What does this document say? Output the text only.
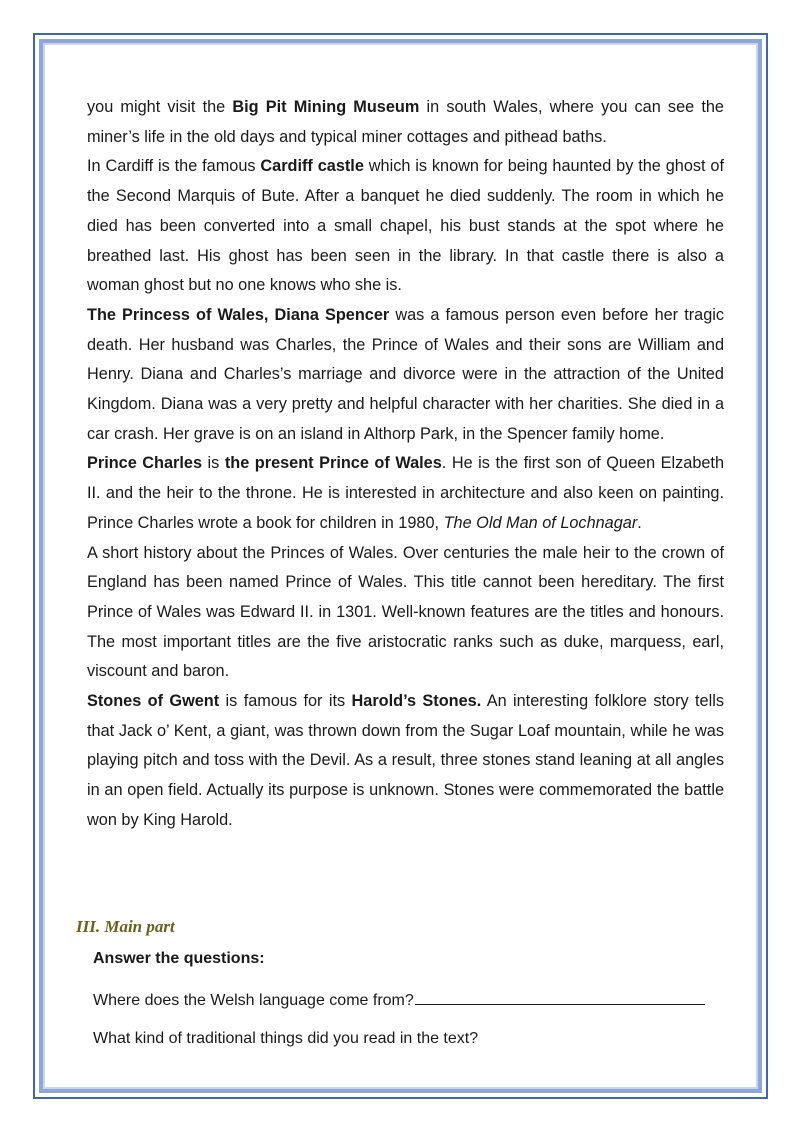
you might visit the Big Pit Mining Museum in south Wales, where you can see the miner’s life in the old days and typical miner cottages and pithead baths.

In Cardiff is the famous Cardiff castle which is known for being haunted by the ghost of the Second Marquis of Bute. After a banquet he died suddenly. The room in which he died has been converted into a small chapel, his bust stands at the spot where he breathed last. His ghost has been seen in the library. In that castle there is also a woman ghost but no one knows who she is.

The Princess of Wales, Diana Spencer was a famous person even before her tragic death. Her husband was Charles, the Prince of Wales and their sons are William and Henry. Diana and Charles’s marriage and divorce were in the attraction of the United Kingdom. Diana was a very pretty and helpful character with her charities. She died in a car crash. Her grave is on an island in Althorp Park, in the Spencer family home.

Prince Charles is the present Prince of Wales. He is the first son of Queen Elzabeth II. and the heir to the throne. He is interested in architecture and also keen on painting. Prince Charles wrote a book for children in 1980, The Old Man of Lochnagar.

A short history about the Princes of Wales. Over centuries the male heir to the crown of England has been named Prince of Wales. This title cannot been hereditary. The first Prince of Wales was Edward II. in 1301. Well-known features are the titles and honours. The most important titles are the five aristocratic ranks such as duke, marquess, earl, viscount and baron.

Stones of Gwent is famous for its Harold’s Stones. An interesting folklore story tells that Jack o’ Kent, a giant, was thrown down from the Sugar Loaf mountain, while he was playing pitch and toss with the Devil. As a result, three stones stand leaning at all angles in an open field. Actually its purpose is unknown. Stones were commemorated the battle won by King Harold.

III. Main part
Answer the questions:
Where does the Welsh language come from?
What kind of traditional things did you read in the text?
